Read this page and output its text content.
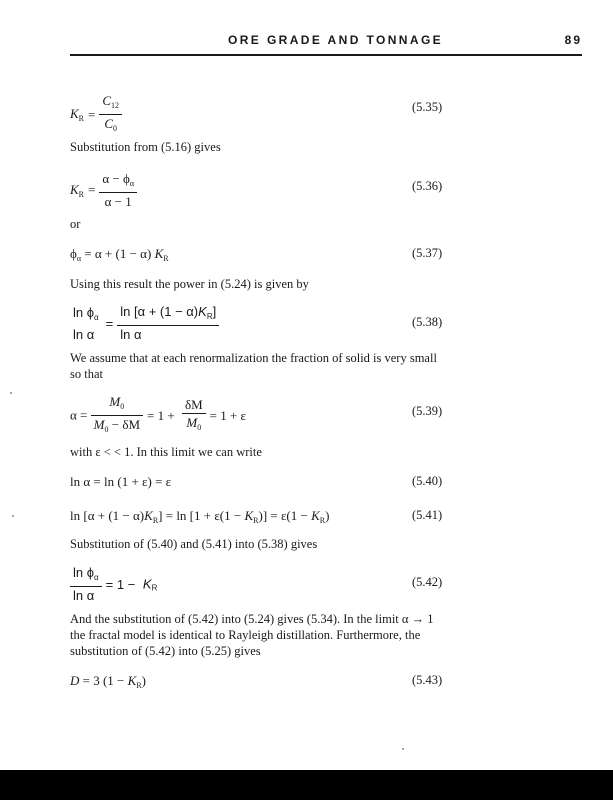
ORE GRADE AND TONNAGE	89
$K_R = \frac{C_{12}}{C_0}$	(5.35)
Substitution from (5.16) gives
$K_R = \frac{\alpha - \phi_\alpha}{\alpha - 1}$	(5.36)
or
$\phi_\alpha = \alpha + (1 - \alpha)$ $K_R$	(5.37)
Using this result the power in (5.24) is given by
$\ln \phi_\alpha$
ln α
= $\frac{\ln [\alpha + (1 - \alpha)K_R]}{\text{ln α}}$	(5.38)
We assume that at each renormalization the fraction of solid is very small so that
$\alpha = \frac{M_0}{M_0 - \delta M} = 1 + \frac{\delta M}{M_0} = 1 + \varepsilon$	(5.39)
with ε < < 1. In this limit we can write
ln α = ln (1 + ε) = ε	(5.40)
$\ln [\alpha + (1 - \alpha)K_R] = \ln [1 + \varepsilon(1 - K_R)] = \varepsilon(1 - K_R)$	(5.41)
Substitution of (5.40) and (5.41) into (5.38) gives
$\frac{\ln \phi_\alpha}{\text{ln α}} = 1 - K_R$	(5.42)
And the substitution of (5.42) into (5.24) gives (5.34). In the limit α → 1 the fractal model is identical to Rayleigh distillation. Furthermore, the substitution of (5.42) into (5.25) gives
D = 3 $(1 - K_R)$	(5.43)
